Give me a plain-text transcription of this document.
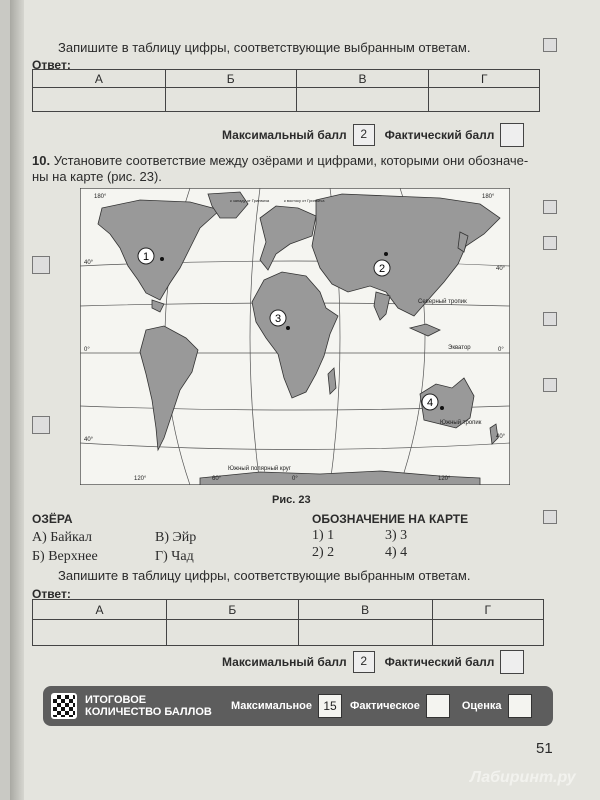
Запишите в таблицу цифры, соответствующие выбранным ответам.
Ответ:
А	Б	В	Г

Максимальный балл	2	Фактический балл
10. Установите соответствие между озёрами и цифрами, которыми они обозначе-
ны на карте (рис. 23).
1
2
3
4
Северный тропик
Экватор
Южный тропик
Южный полярный круг
к западу от Гринвича	к востоку от Гринвича
180°	180°
40°
40°
0°	0°
40°	40°
120°	60°	0°	120°
Рис. 23
ОЗЁРА
А) Байкал
Б) Верхнее
В) Эйр
Г) Чад
ОБОЗНАЧЕНИЕ НА КАРТЕ
1) 1
2) 2
3) 3
4) 4
Запишите в таблицу цифры, соответствующие выбранным ответам.
Ответ:
А	Б	В	Г

Максимальный балл	2	Фактический балл
ИТОГОВОЕ
КОЛИЧЕСТВО БАЛЛОВ Максимальное 15	Фактическое	Оценка
51
Лабиринт.ру
